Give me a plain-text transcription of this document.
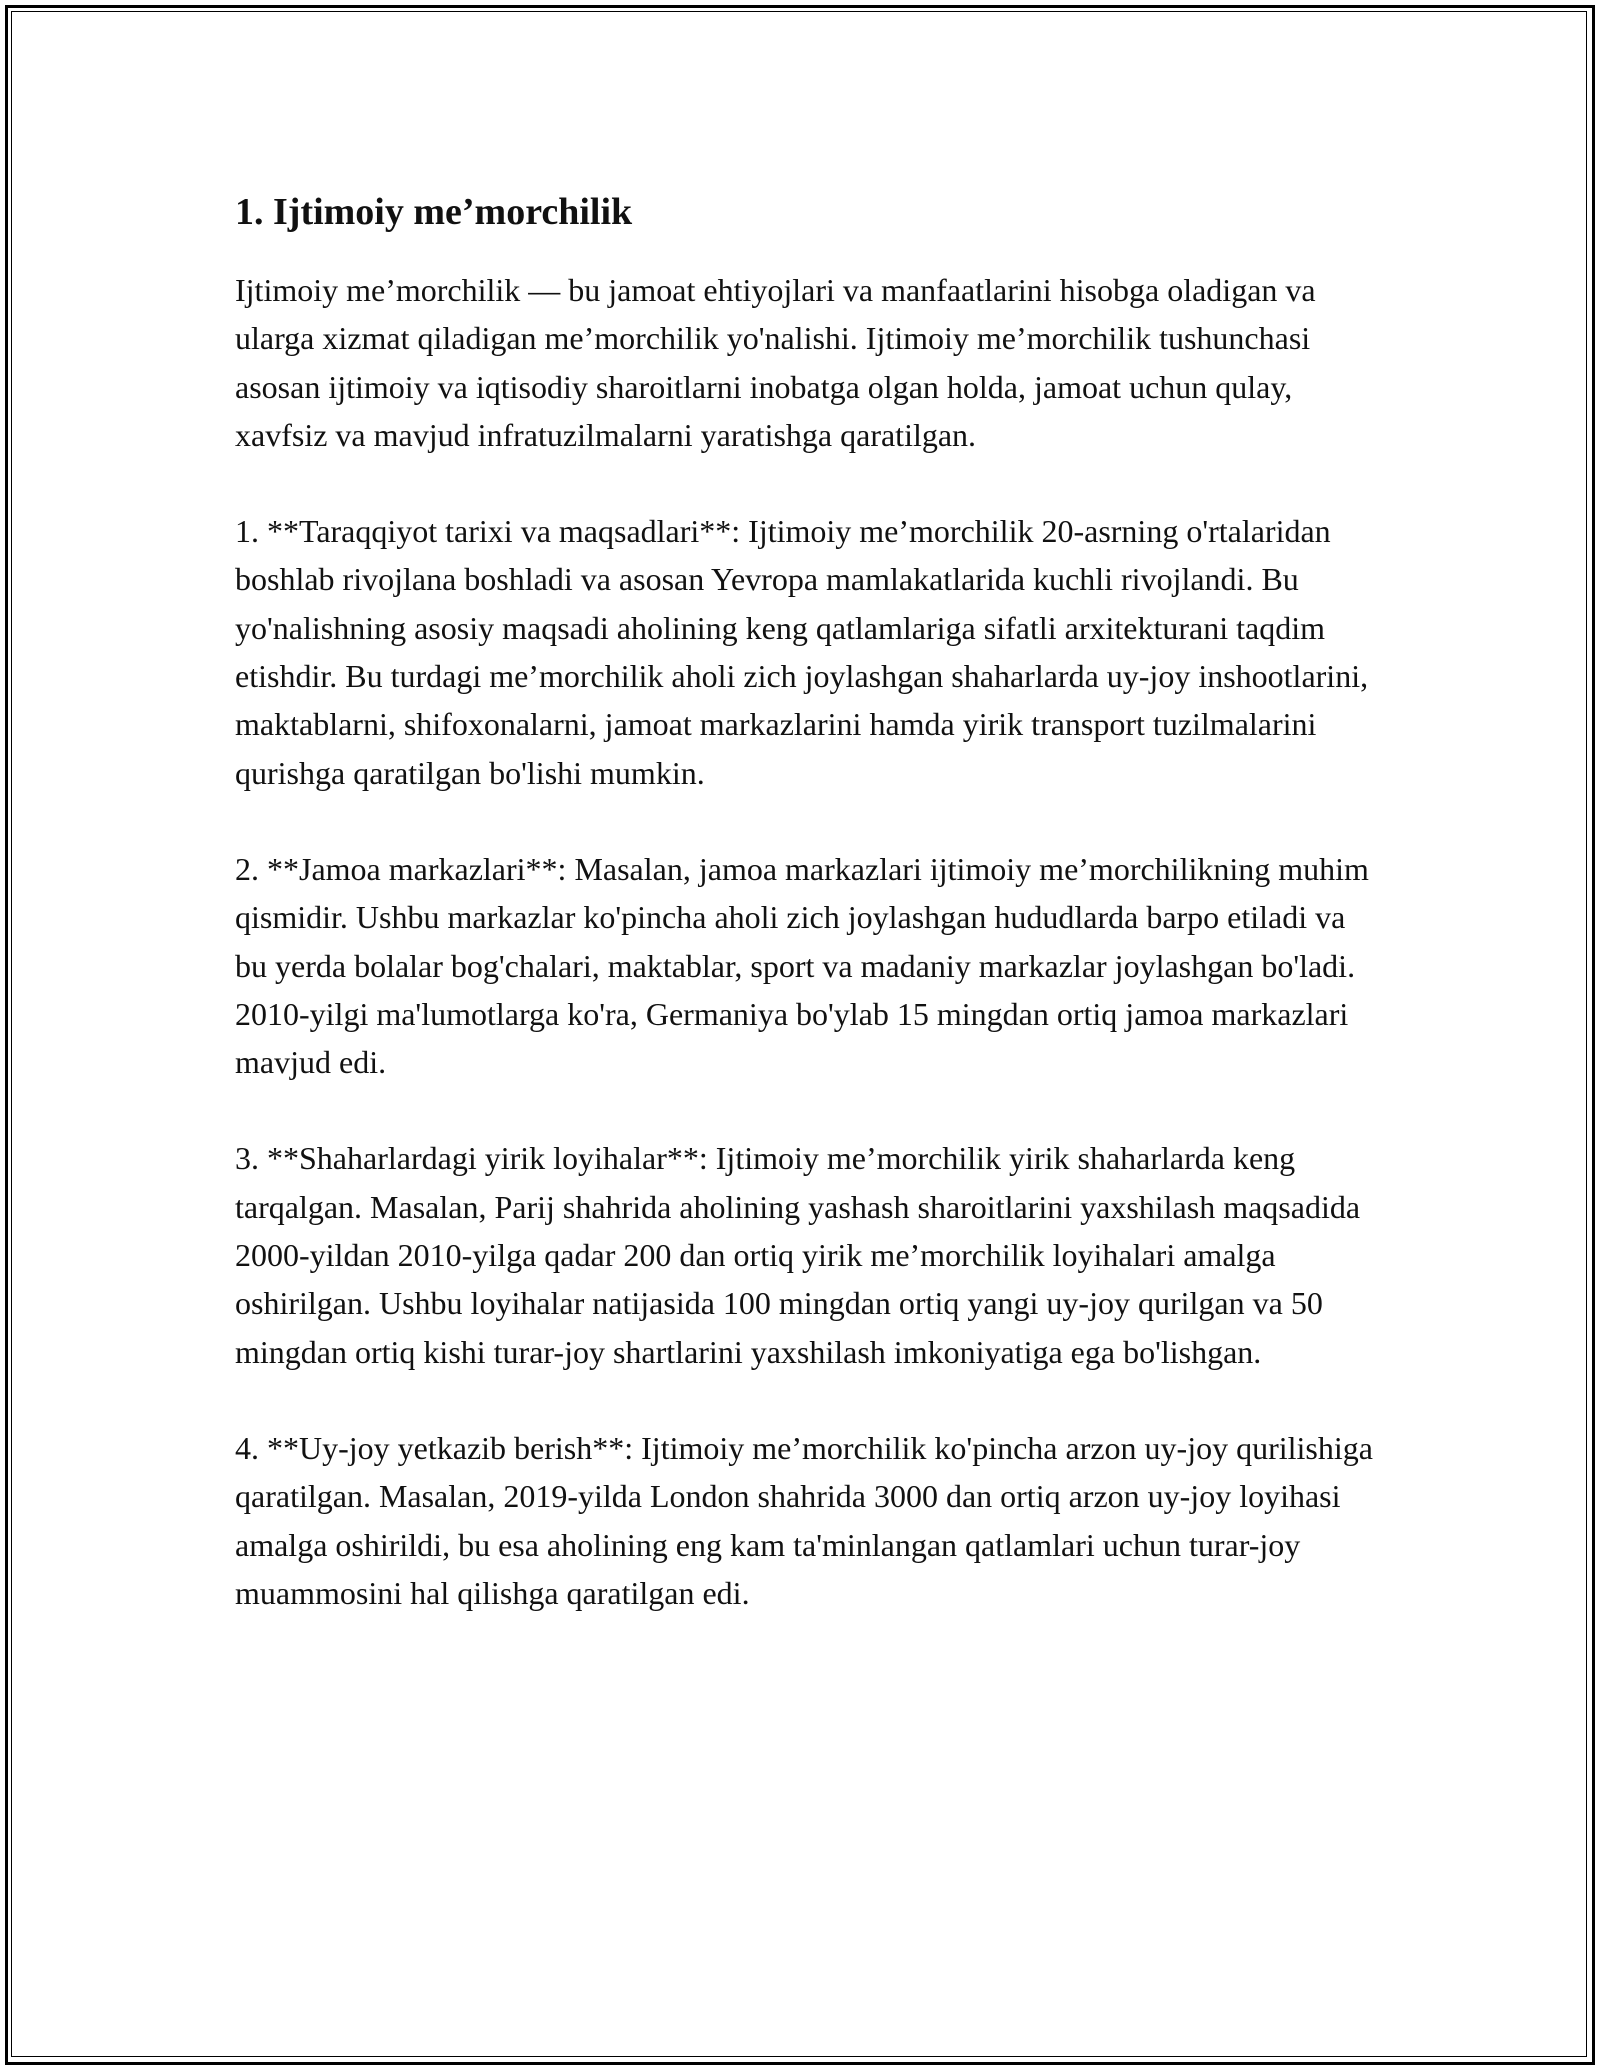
1. Ijtimoiy me’morchilik

Ijtimoiy me’morchilik — bu jamoat ehtiyojlari va manfaatlarini hisobga oladigan va ularga xizmat qiladigan me’morchilik yo'nalishi. Ijtimoiy me’morchilik tushunchasi asosan ijtimoiy va iqtisodiy sharoitlarni inobatga olgan holda, jamoat uchun qulay, xavfsiz va mavjud infratuzilmalarni yaratishga qaratilgan.

1. **Taraqqiyot tarixi va maqsadlari**: Ijtimoiy me’morchilik 20-asrning o'rtalaridan boshlab rivojlana boshladi va asosan Yevropa mamlakatlarida kuchli rivojlandi. Bu yo'nalishning asosiy maqsadi aholining keng qatlamlariga sifatli arxitekturani taqdim etishdir. Bu turdagi me’morchilik aholi zich joylashgan shaharlarda uy-joy inshootlarini, maktablarni, shifoxonalarni, jamoat markazlarini hamda yirik transport tuzilmalarini qurishga qaratilgan bo'lishi mumkin.

2. **Jamoa markazlari**: Masalan, jamoa markazlari ijtimoiy me’morchilikning muhim qismidir. Ushbu markazlar ko'pincha aholi zich joylashgan hududlarda barpo etiladi va bu yerda bolalar bog'chalari, maktablar, sport va madaniy markazlar joylashgan bo'ladi. 2010-yilgi ma'lumotlarga ko'ra, Germaniya bo'ylab 15 mingdan ortiq jamoa markazlari mavjud edi.

3. **Shaharlardagi yirik loyihalar**: Ijtimoiy me’morchilik yirik shaharlarda keng tarqalgan. Masalan, Parij shahrida aholining yashash sharoitlarini yaxshilash maqsadida 2000-yildan 2010-yilga qadar 200 dan ortiq yirik me’morchilik loyihalari amalga oshirilgan. Ushbu loyihalar natijasida 100 mingdan ortiq yangi uy-joy qurilgan va 50 mingdan ortiq kishi turar-joy shartlarini yaxshilash imkoniyatiga ega bo'lishgan.

4. **Uy-joy yetkazib berish**: Ijtimoiy me’morchilik ko'pincha arzon uy-joy qurilishiga qaratilgan. Masalan, 2019-yilda London shahrida 3000 dan ortiq arzon uy-joy loyihasi amalga oshirildi, bu esa aholining eng kam ta'minlangan qatlamlari uchun turar-joy muammosini hal qilishga qaratilgan edi.
